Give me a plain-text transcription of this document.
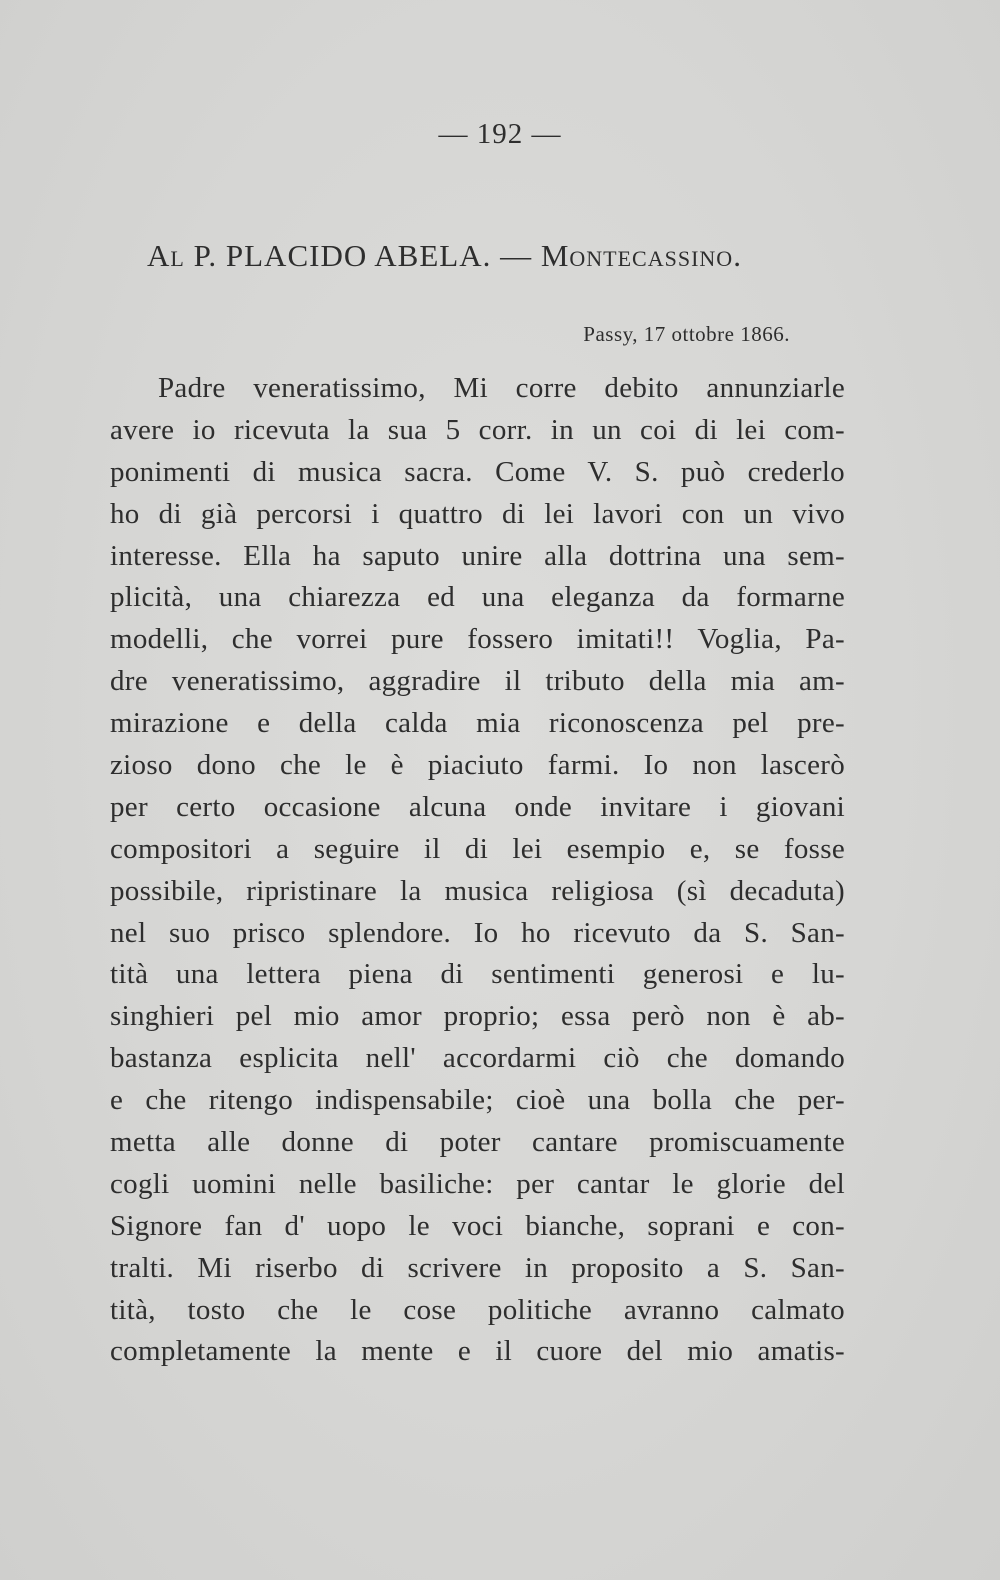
— 192 —
Al P. PLACIDO ABELA. — Montecassino.
Passy, 17 ottobre 1866.
Padre veneratissimo, Mi corre debito annunziarle
avere io ricevuta la sua 5 corr. in un coi di lei com-
ponimenti di musica sacra. Come V. S. può crederlo
ho di già percorsi i quattro di lei lavori con un vivo
interesse. Ella ha saputo unire alla dottrina una sem-
plicità, una chiarezza ed una eleganza da formarne
modelli, che vorrei pure fossero imitati!! Voglia, Pa-
dre veneratissimo, aggradire il tributo della mia am-
mirazione e della calda mia riconoscenza pel pre-
zioso dono che le è piaciuto farmi. Io non lascerò
per certo occasione alcuna onde invitare i giovani
compositori a seguire il di lei esempio e, se fosse
possibile, ripristinare la musica religiosa (sì decaduta)
nel suo prisco splendore. Io ho ricevuto da S. San-
tità una lettera piena di sentimenti generosi e lu-
singhieri pel mio amor proprio; essa però non è ab-
bastanza esplicita nell' accordarmi ciò che domando
e che ritengo indispensabile; cioè una bolla che per-
metta alle donne di poter cantare promiscuamente
cogli uomini nelle basiliche: per cantar le glorie del
Signore fan d' uopo le voci bianche, soprani e con-
tralti. Mi riserbo di scrivere in proposito a S. San-
tità, tosto che le cose politiche avranno calmato
completamente la mente e il cuore del mio amatis-
